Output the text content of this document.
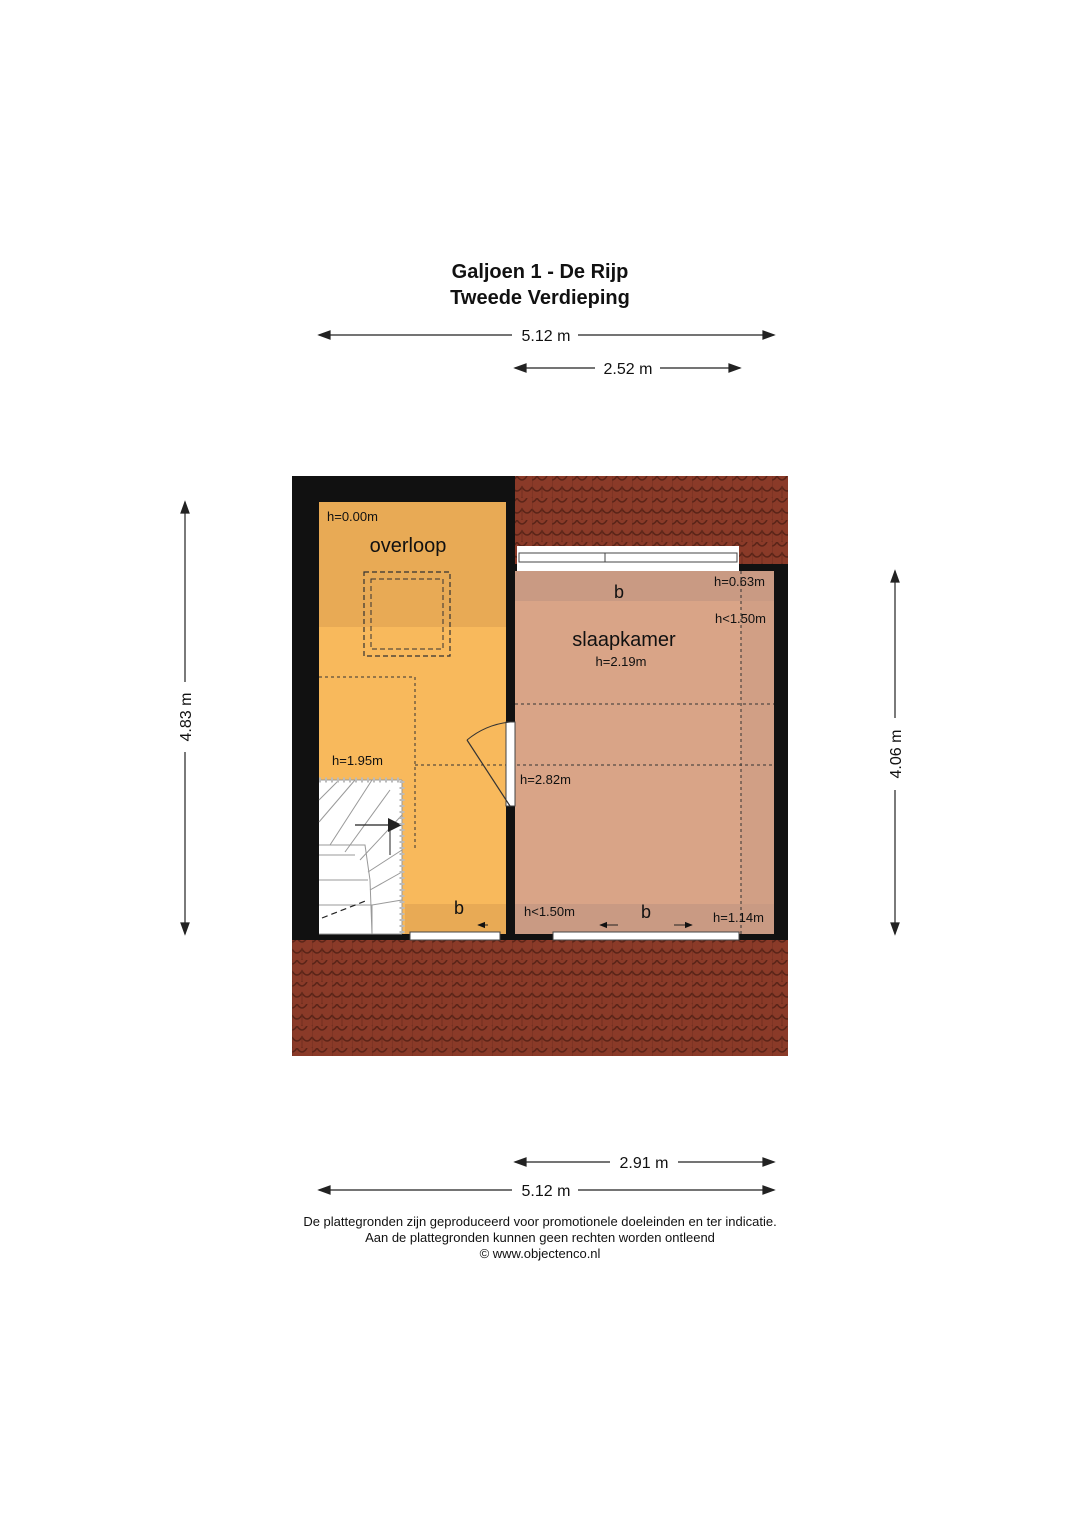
Galjoen 1 - De Rijp
Tweede Verdieping
5.12 m
2.52 m
4.83 m
4.06 m
2.91 m
5.12 m
h=0.00m
overloop
h=1.95m
b
b
h=0.63m
h<1.50m
slaapkamer
h=2.19m
h=2.82m
h<1.50m	b	h=1.14m
De plattegronden zijn geproduceerd voor promotionele doeleinden en ter indicatie.
Aan de plattegronden kunnen geen rechten worden ontleend
© www.objectenco.nl
